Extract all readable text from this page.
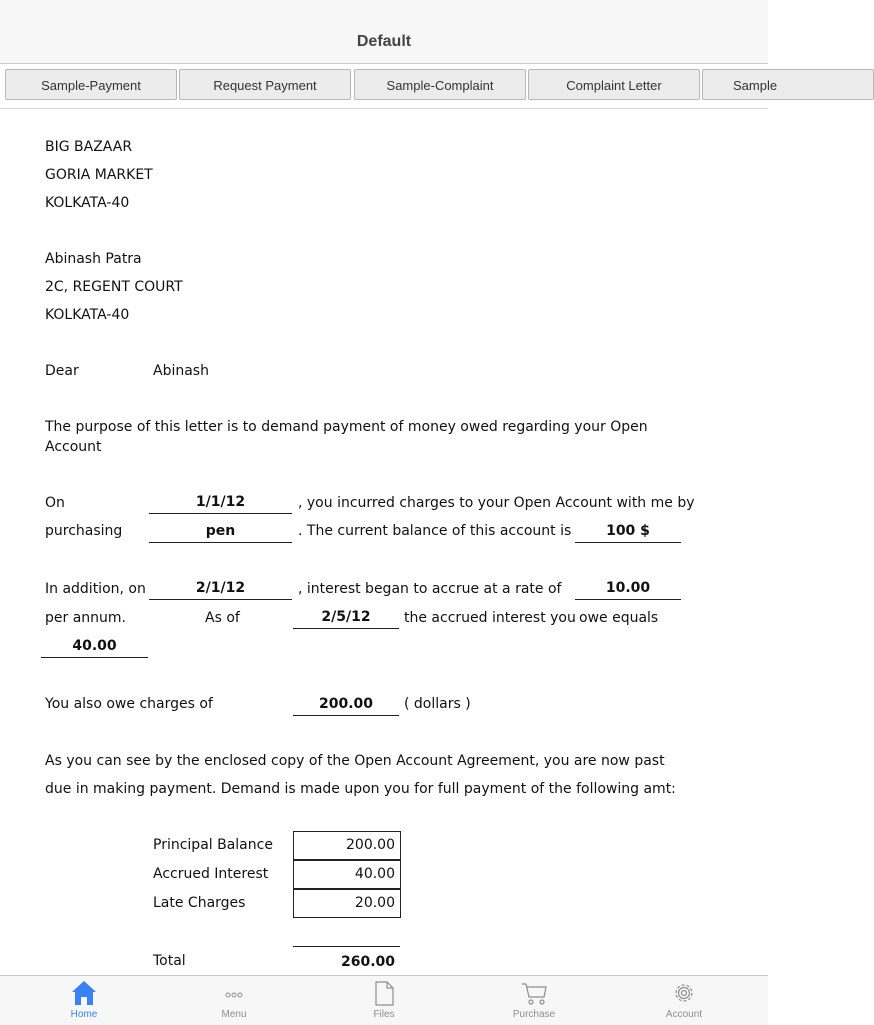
Default
Sample-Payment	Request Payment	Sample-Complaint	Complaint Letter	Sample
BIG BAZAAR
GORIA MARKET
KOLKATA-40
Abinash Patra
2C, REGENT COURT
KOLKATA-40
Dear	Abinash
The purpose of this letter is to demand payment of money owed regarding your Open
Account
On	1/1/12	, you incurred charges to your Open Account with me by
purchasing	pen	. The current balance of this account is	100 $
In addition, on	2/1/12	, interest began to accrue at a rate of	10.00
per annum.	As of	2/5/12	the accrued interest you owe equals
40.00
You also owe charges of	200.00	( dollars )
As you can see by the enclosed copy of the Open Account Agreement, you are now past
due in making payment. Demand is made upon you for full payment of the following amt:
Principal Balance	200.00
Accrued Interest	40.00
Late Charges	20.00
Total	260.00
Home	Menu	Files	Purchase	Account
